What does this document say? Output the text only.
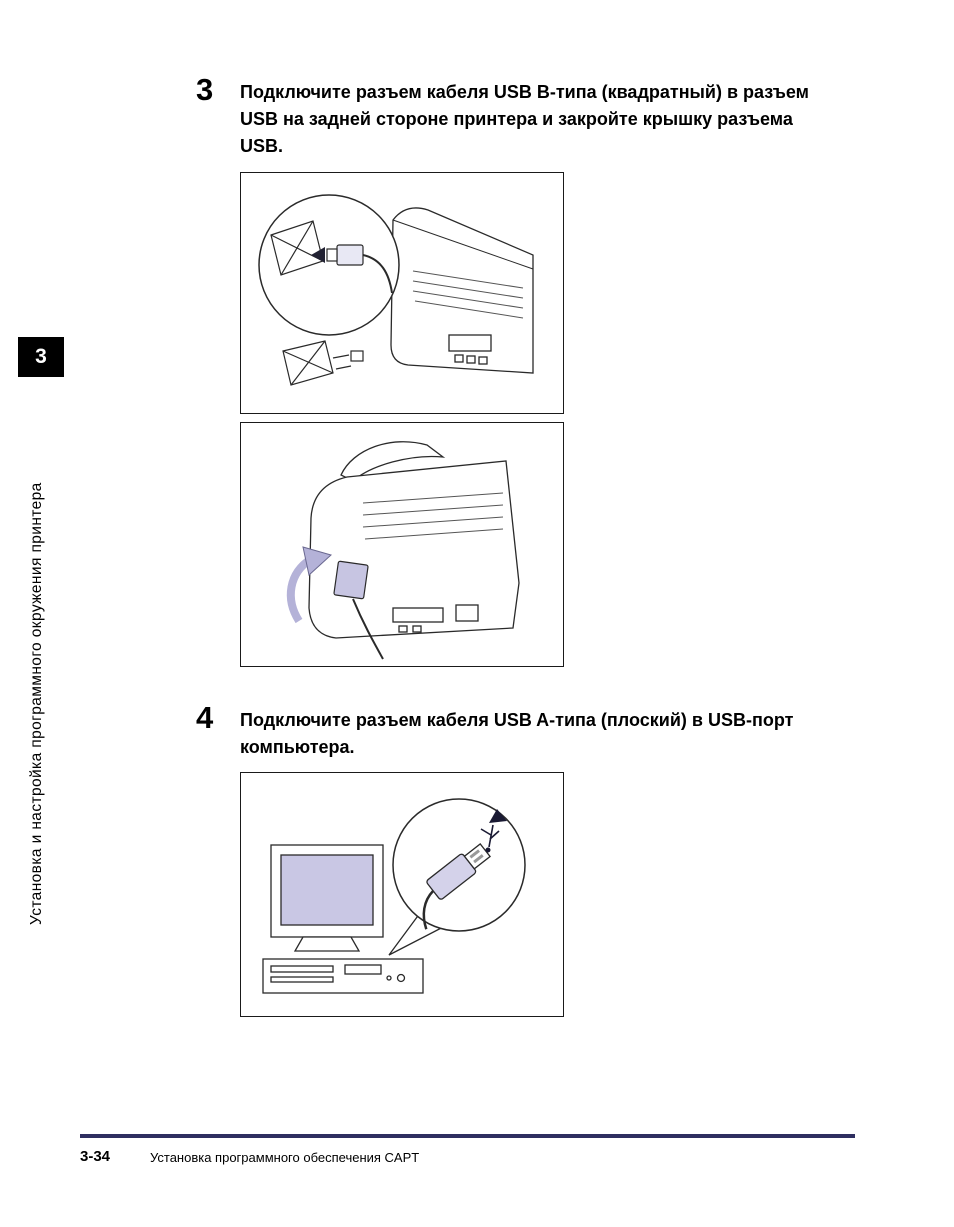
3
Установка и настройка программного окружения принтера
3 Подключите разъем кабеля USB B-типа (квадратный) в разъем USB на задней стороне принтера и закройте крышку разъема USB.
4 Подключите разъем кабеля USB A-типа (плоский) в USB-порт компьютера.
3-34	Установка программного обеспечения CAPT
